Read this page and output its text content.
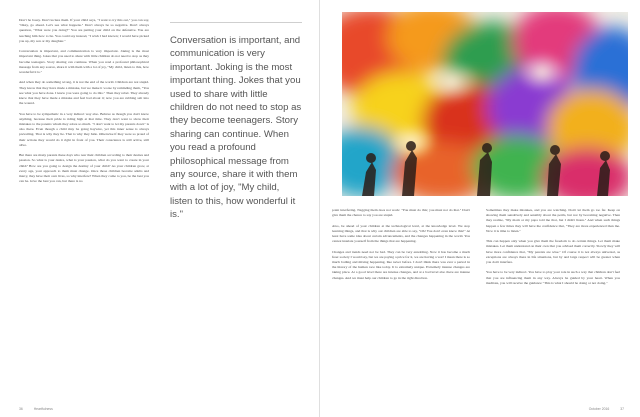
Don't be bossy. Don't lecture them. If your child says, "I want to try this out," you can say, "Okay, go ahead. Let's see what happens." Don't always be so negative. Don't always question, "What were you doing?" You are putting your child on the defensive. You are teaching him how to lie. You could say instead, "I wish I had known; I would have picked you up, my son or my daughter."

Conversation is important, and communication is very important. Joking is the most important thing. Jokes that you used to share with little children do not need to stop as they become teenagers. Story sharing can continue. When you read a profound philosophical message from any source, share it with them with a lot of joy, "My child, listen to this, how wonderful it is."

And when they do something wrong, it is not the end of the world. Children are not stupid. They know that they have made a mistake, but we make it worse by reminding them, "You see what you have done. I knew you were going to do this." Then they rebel. They already know that they have made a mistake and feel bad about it; now you are rubbing salt into the wound.

You have to be sympathetic in a very indirect way also. Behave as though you don't know anything, because their pride is riding high at that time. They don't want to show their mistakes to the parents whom they adore so much. "I don't want to let my parents down" is also there. Even though a child may be going haywire, yet this inner sense is always prevailing. That is why they lie. That is why they hide. Otherwise if they were so proud of their actions they would do it right in front of you. Their conscience is still active, still alive.

But there are many parents these days who rear their children according to their desires and passion. So what is your desire, what is your passion, what do you want to create in your child? How are you going to design the destiny of your child? As your children grow, at every age, your approach to them must change. Once those children become adults and marry, they have their own lives, so why interfere? When they come to you, be the best you can be. Give the best you can, but there is no

Conversation is important, and communication is very important. Joking is the most important thing. Jokes that you used to share with little children do not need to stop as they become teenagers. Story sharing can continue. When you read a profound philosophical message from any source, share it with them with a lot of joy, "My child, listen to this, how wonderful it is."
36	Heartfulness

point interfering. Nagging them does not work: "You must do this; you must not do that." Don't give them the chance to say you are stupid.

Also, be ahead of your children at the technological level, at the knowledge level. We stop learning things, and that is why our children are able to say, "Oh! You don't even know this!" At least have some idea about certain advancements, and the changes happening in the world. You cannot insulate yourself from the things that are happening.

Changes and trends need not be bad. They can be very ennobling. Now it has become a much freer society I would say, but we are paying a price for it, we are having a war! I mean there is so much boiling and mixing happening, like never before. I don't think there was ever a period in the history of the human race like today. It is extremely unique. Extremely intense changes are taking place. At a good level there are intense changes, and at a bad level also there are intense changes. And we must help our children to go in the right direction.

Sometimes they make mistakes, and you are watching. Don't let them go too far. Keep on showing them sensitively and sensibly about the perils, but not by becoming negative. Then they realize, "My mom or my papa told me that, but I didn't listen." And when such things happen a few times they will have the confidence that, "They are more experienced than me. Now it is time to listen."

This can happen only when you give them the freedom to do certain things. Let them make mistakes. Let them understand on their own that you advised them correctly. Slowly they will have more confidence that, "My parents are wise." Of course it is not always universal, as exceptions are always there in life situations, but by and large respect will be greater when you don't interfere.

You have to be very indirect. You have to play your role in such a way that children don't feel that you are influencing them in any way. Always be guided by your heart. When you meditate, you will receive the guidance "This is what I should be doing or not doing."

October 2016	37
